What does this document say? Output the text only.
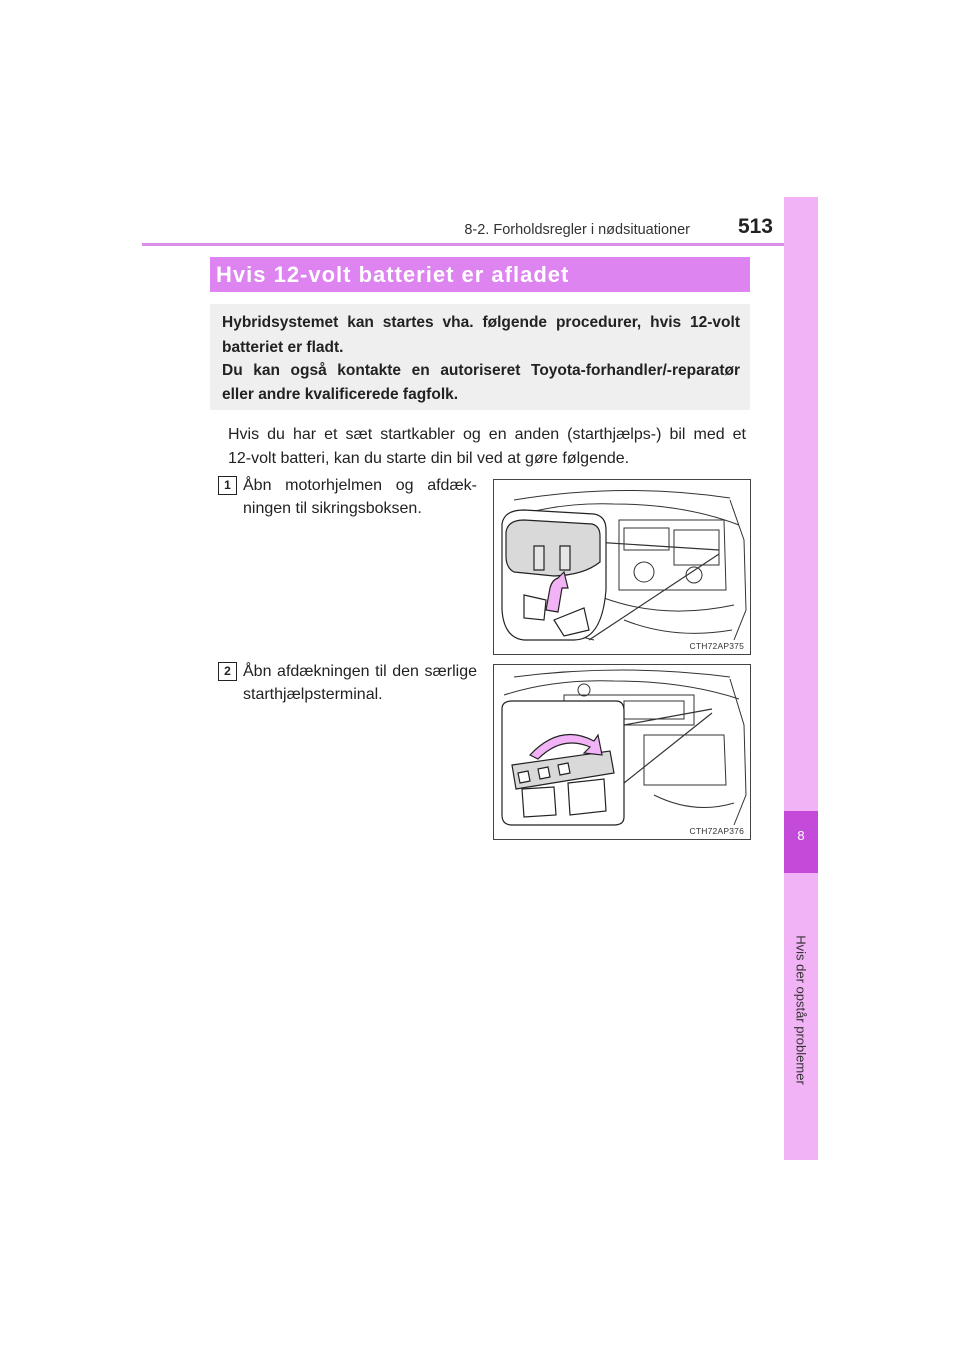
8-2. Forholdsregler i nødsituationer	513
8
Hvis der opstår problemer
Hvis 12-volt batteriet er afladet
Hybridsystemet kan startes vha. følgende procedurer, hvis 12-volt
batteriet er fladt.
Du kan også kontakte en autoriseret Toyota-forhandler/-reparatør
eller andre kvalificerede fagfolk.
Hvis du har et sæt startkabler og en anden (starthjælps-) bil med et
12-volt batteri, kan du starte din bil ved at gøre følgende.
1 Åbn motorhjelmen og afdæk-
ningen til sikringsboksen.
CTH72AP375
2 Åbn afdækningen til den særlige
starthjælpsterminal.
CTH72AP376
